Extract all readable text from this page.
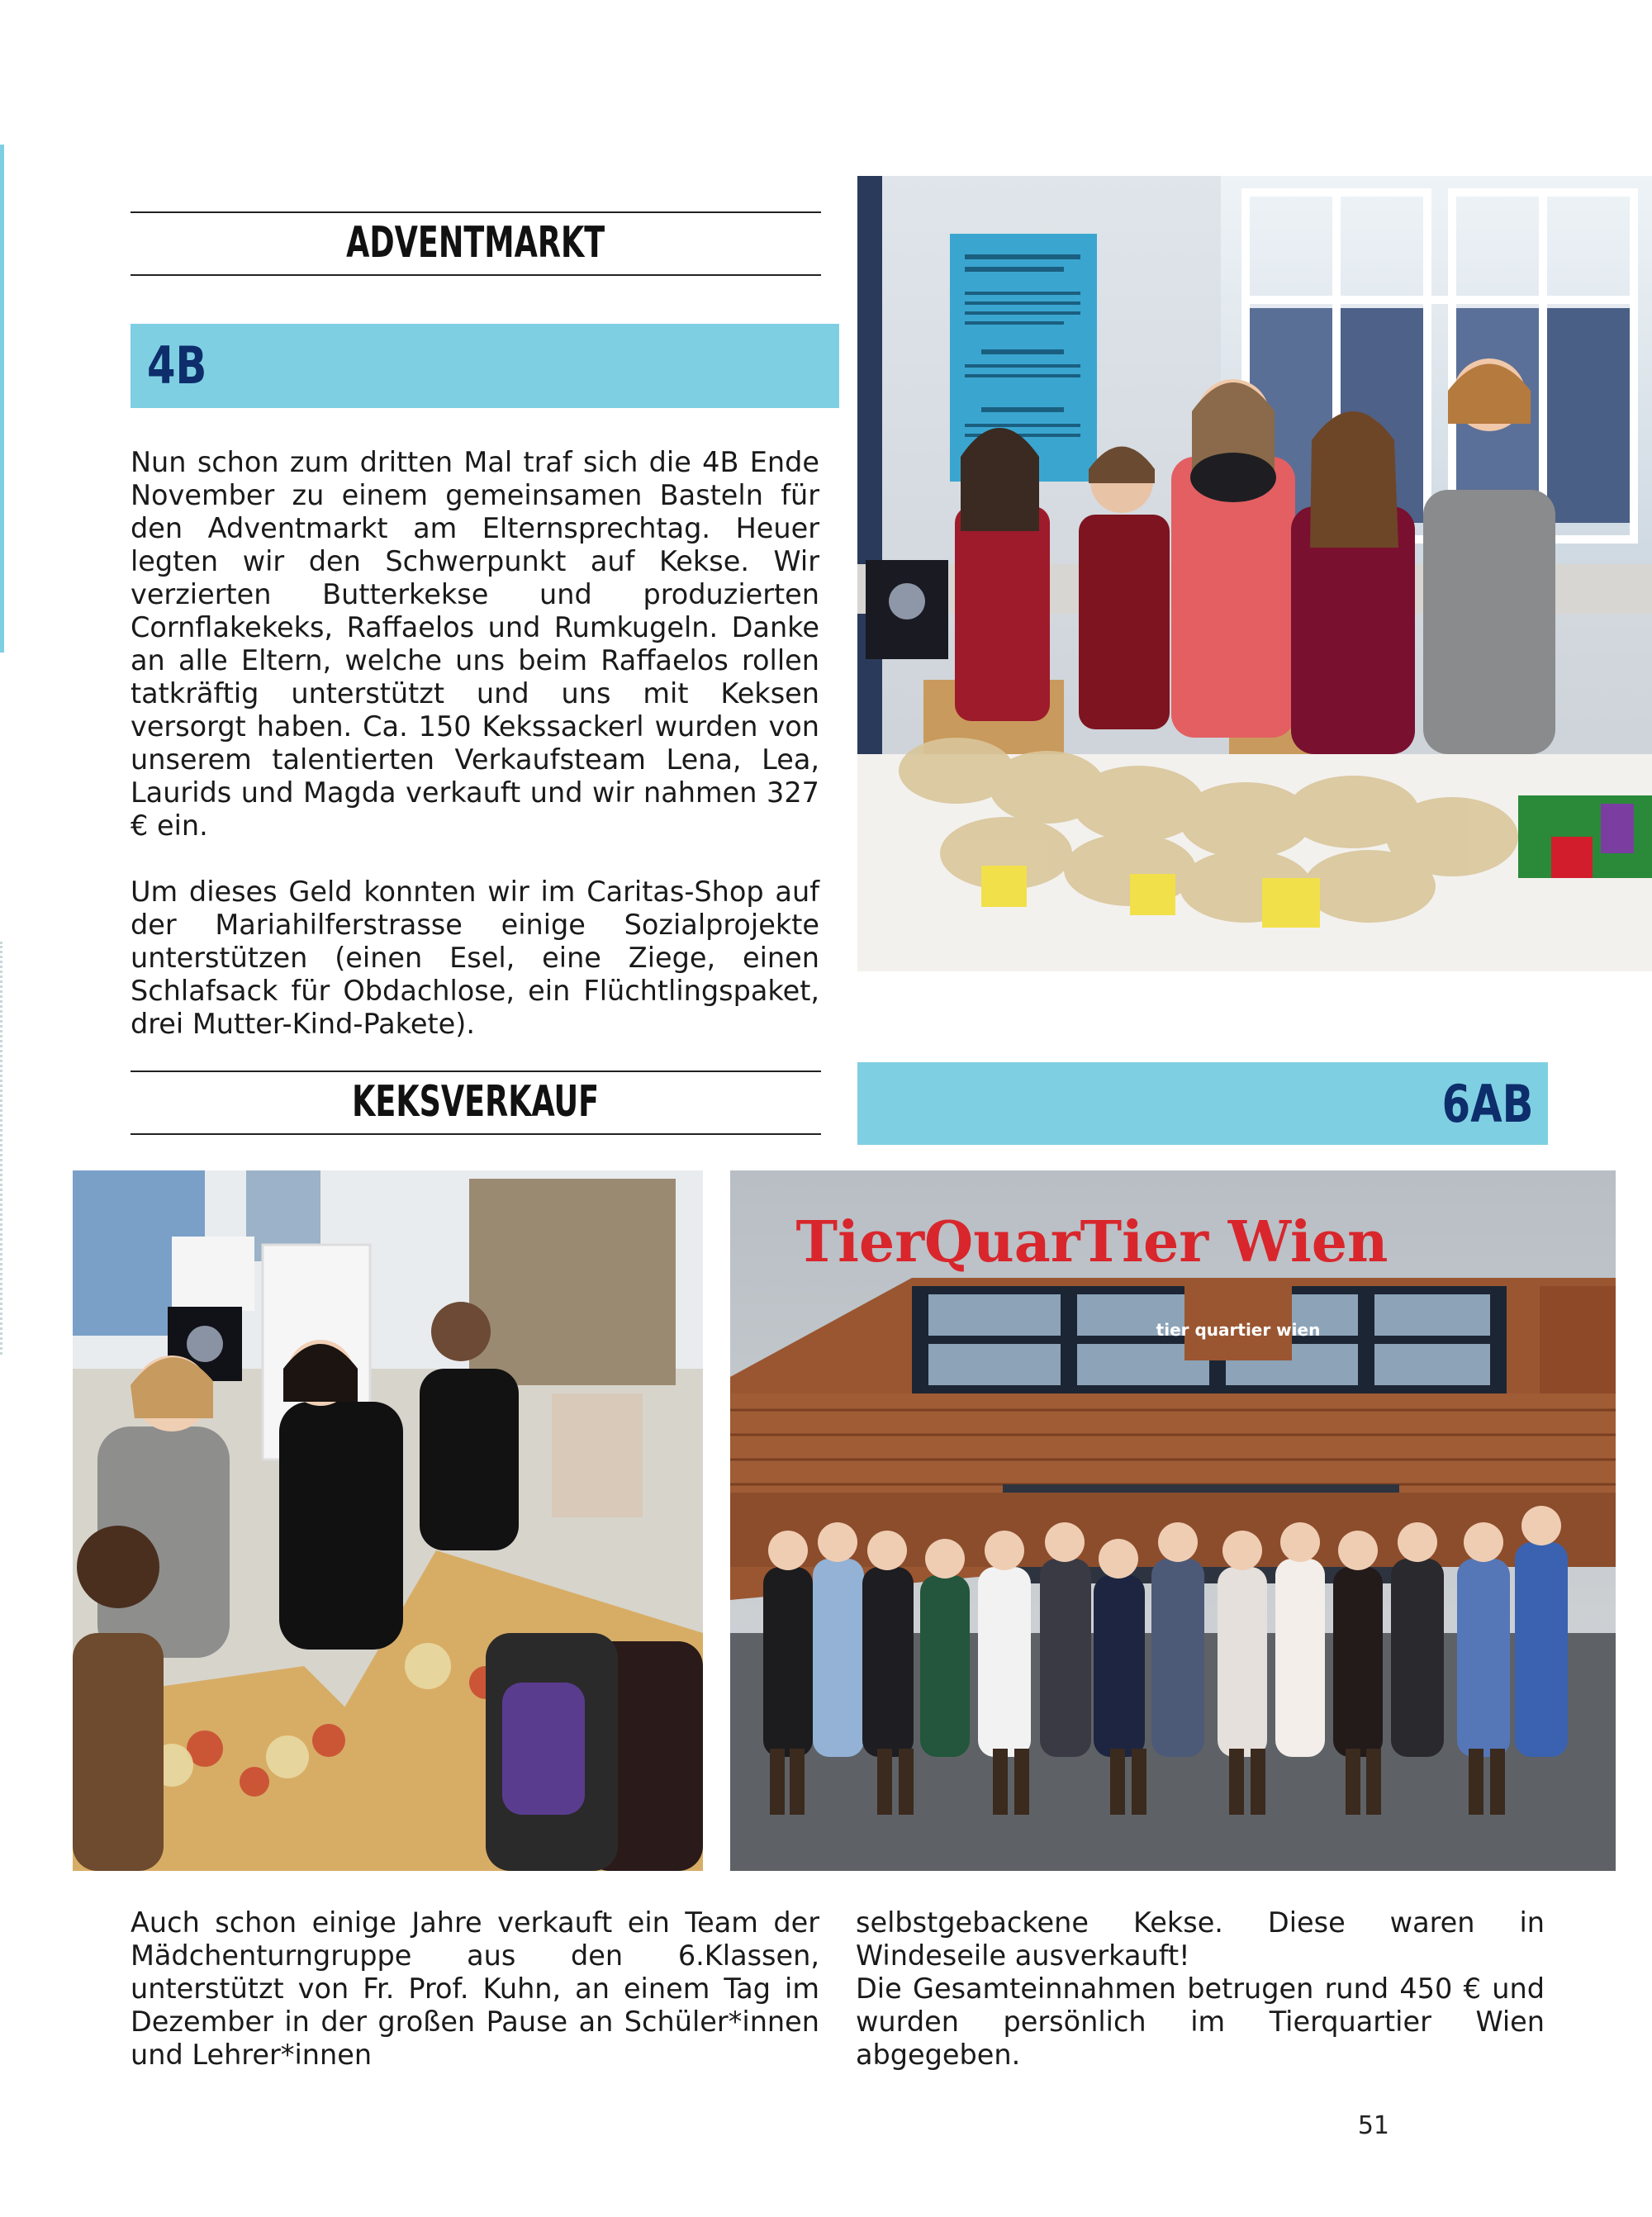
ADVENTMARKT
4B

Nun schon zum dritten Mal traf sich die 4B Ende November zu einem gemeinsamen Basteln für den Adventmarkt am Elternsprechtag. Heuer legten wir den Schwerpunkt auf Kekse. Wir verzierten Butterkekse und produzierten Cornflakekeks, Raffaelos und Rumkugeln. Danke an alle Eltern, welche uns beim Raffaelos rollen tatkräftig unterstützt und uns mit Keksen versorgt haben. Ca. 150 Kekssackerl wurden von unserem talentierten Verkaufsteam Lena, Lea, Laurids und Magda verkauft und wir nahmen 327 € ein.

Um dieses Geld konnten wir im Caritas-Shop auf der Mariahilferstrasse einige Sozialprojekte unterstützen (einen Esel, eine Ziege, einen Schlafsack für Obdachlose, ein Flüchtlingspaket, drei Mutter-Kind-Pakete).

KEKSVERKAUF	6AB
TierQuarTier Wien
tier quartier wien

Auch schon einige Jahre verkauft ein Team der Mädchenturngruppe aus den 6.Klassen, unterstützt von Fr. Prof. Kuhn, an einem Tag im Dezember in der großen Pause an Schüler*innen und Lehrer*innen

selbstgebackene Kekse. Diese waren in Windeseile ausverkauft!

Die Gesamteinnahmen betrugen rund 450 € und wurden persönlich im Tierquartier Wien abgegeben.

51
